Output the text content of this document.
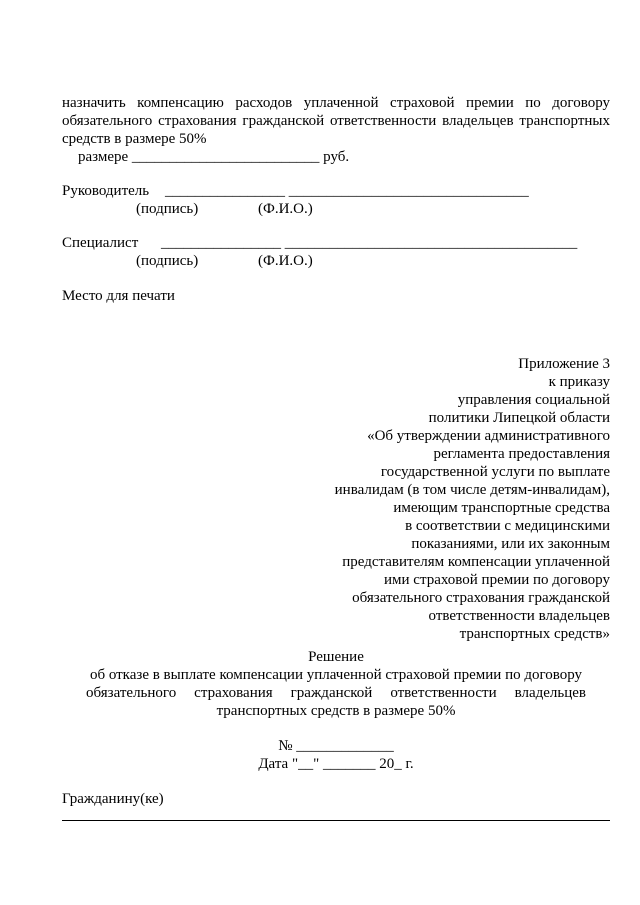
назначить компенсацию расходов уплаченной страховой премии по договору обязательного страхования гражданской ответственности владельцев транспортных средств в размере 50%
размере _________________________ руб.
Руководитель ________________ ________________________________
(подпись)	(Ф.И.О.)
Специалист ________________ _______________________________________
(подпись)	(Ф.И.О.)
Место для печати
Приложение 3
к приказу
управления социальной
политики Липецкой области
«Об утверждении административного
регламента предоставления
государственной услуги по выплате
инвалидам (в том числе детям-инвалидам),
имеющим транспортные средства
в соответствии с медицинскими
показаниями, или их законным
представителям компенсации уплаченной
ими страховой премии по договору
обязательного страхования гражданской
ответственности владельцев
транспортных средств»
Решение
об отказе в выплате компенсации уплаченной страховой премии по договору
обязательного страхования гражданской ответственности владельцев
транспортных средств в размере 50%
№ _____________
Дата "__" _______ 20_ г.
Гражданину(ке)
